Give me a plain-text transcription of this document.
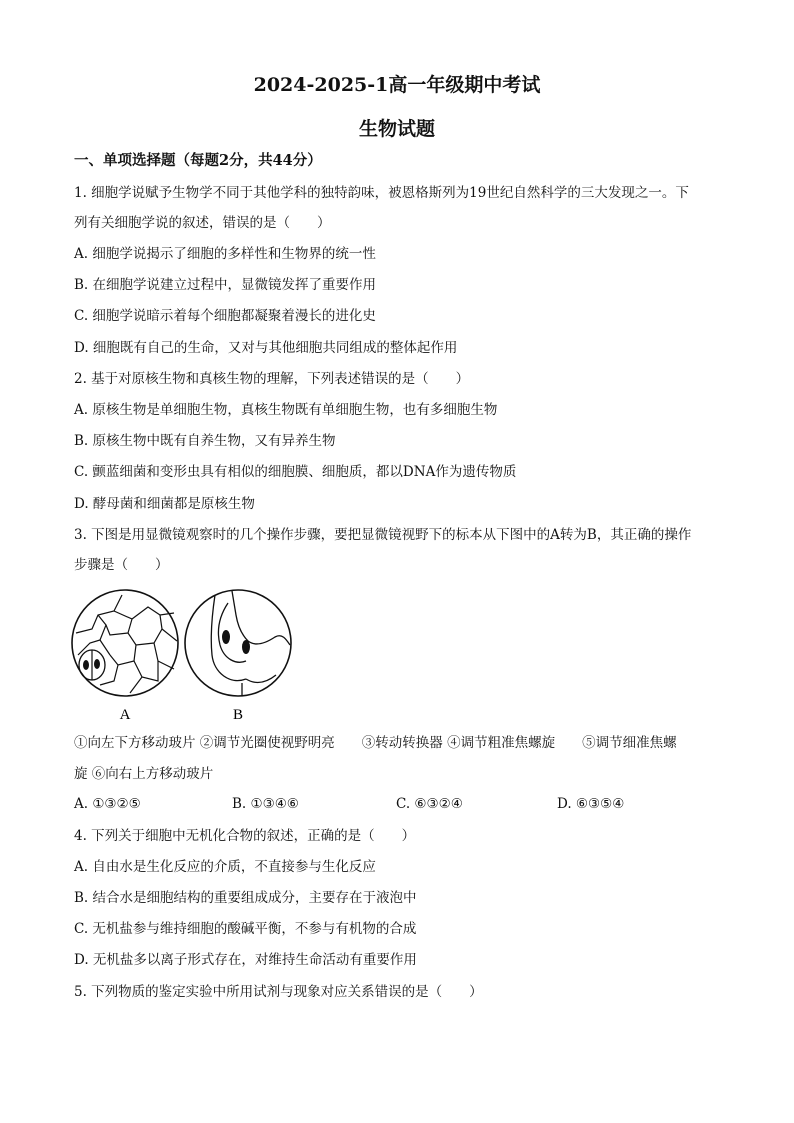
2024-2025-1高一年级期中考试
生物试题
一、单项选择题（每题2分，共44分）
1. 细胞学说赋予生物学不同于其他学科的独特韵味，被恩格斯列为19世纪自然科学的三大发现之一。下
列有关细胞学说的叙述，错误的是（　　）
A. 细胞学说揭示了细胞的多样性和生物界的统一性
B. 在细胞学说建立过程中，显微镜发挥了重要作用
C. 细胞学说暗示着每个细胞都凝聚着漫长的进化史
D. 细胞既有自己的生命，又对与其他细胞共同组成的整体起作用
2. 基于对原核生物和真核生物的理解，下列表述错误的是（　　）
A. 原核生物是单细胞生物，真核生物既有单细胞生物，也有多细胞生物
B. 原核生物中既有自养生物，又有异养生物
C. 颤蓝细菌和变形虫具有相似的细胞膜、细胞质，都以DNA作为遗传物质
D. 酵母菌和细菌都是原核生物
3. 下图是用显微镜观察时的几个操作步骤，要把显微镜视野下的标本从下图中的A转为B，其正确的操作
步骤是（　　）
A	B
①向左下方移动玻片 ②调节光圈使视野明亮　　③转动转换器 ④调节粗准焦螺旋　　⑤调节细准焦螺
旋 ⑥向右上方移动玻片
A. ①③②⑤	B. ①③④⑥	C. ⑥③②④	D. ⑥③⑤④
4. 下列关于细胞中无机化合物的叙述，正确的是（　　）
A. 自由水是生化反应的介质，不直接参与生化反应
B. 结合水是细胞结构的重要组成成分，主要存在于液泡中
C. 无机盐参与维持细胞的酸碱平衡，不参与有机物的合成
D. 无机盐多以离子形式存在，对维持生命活动有重要作用
5. 下列物质的鉴定实验中所用试剂与现象对应关系错误的是（　　）
